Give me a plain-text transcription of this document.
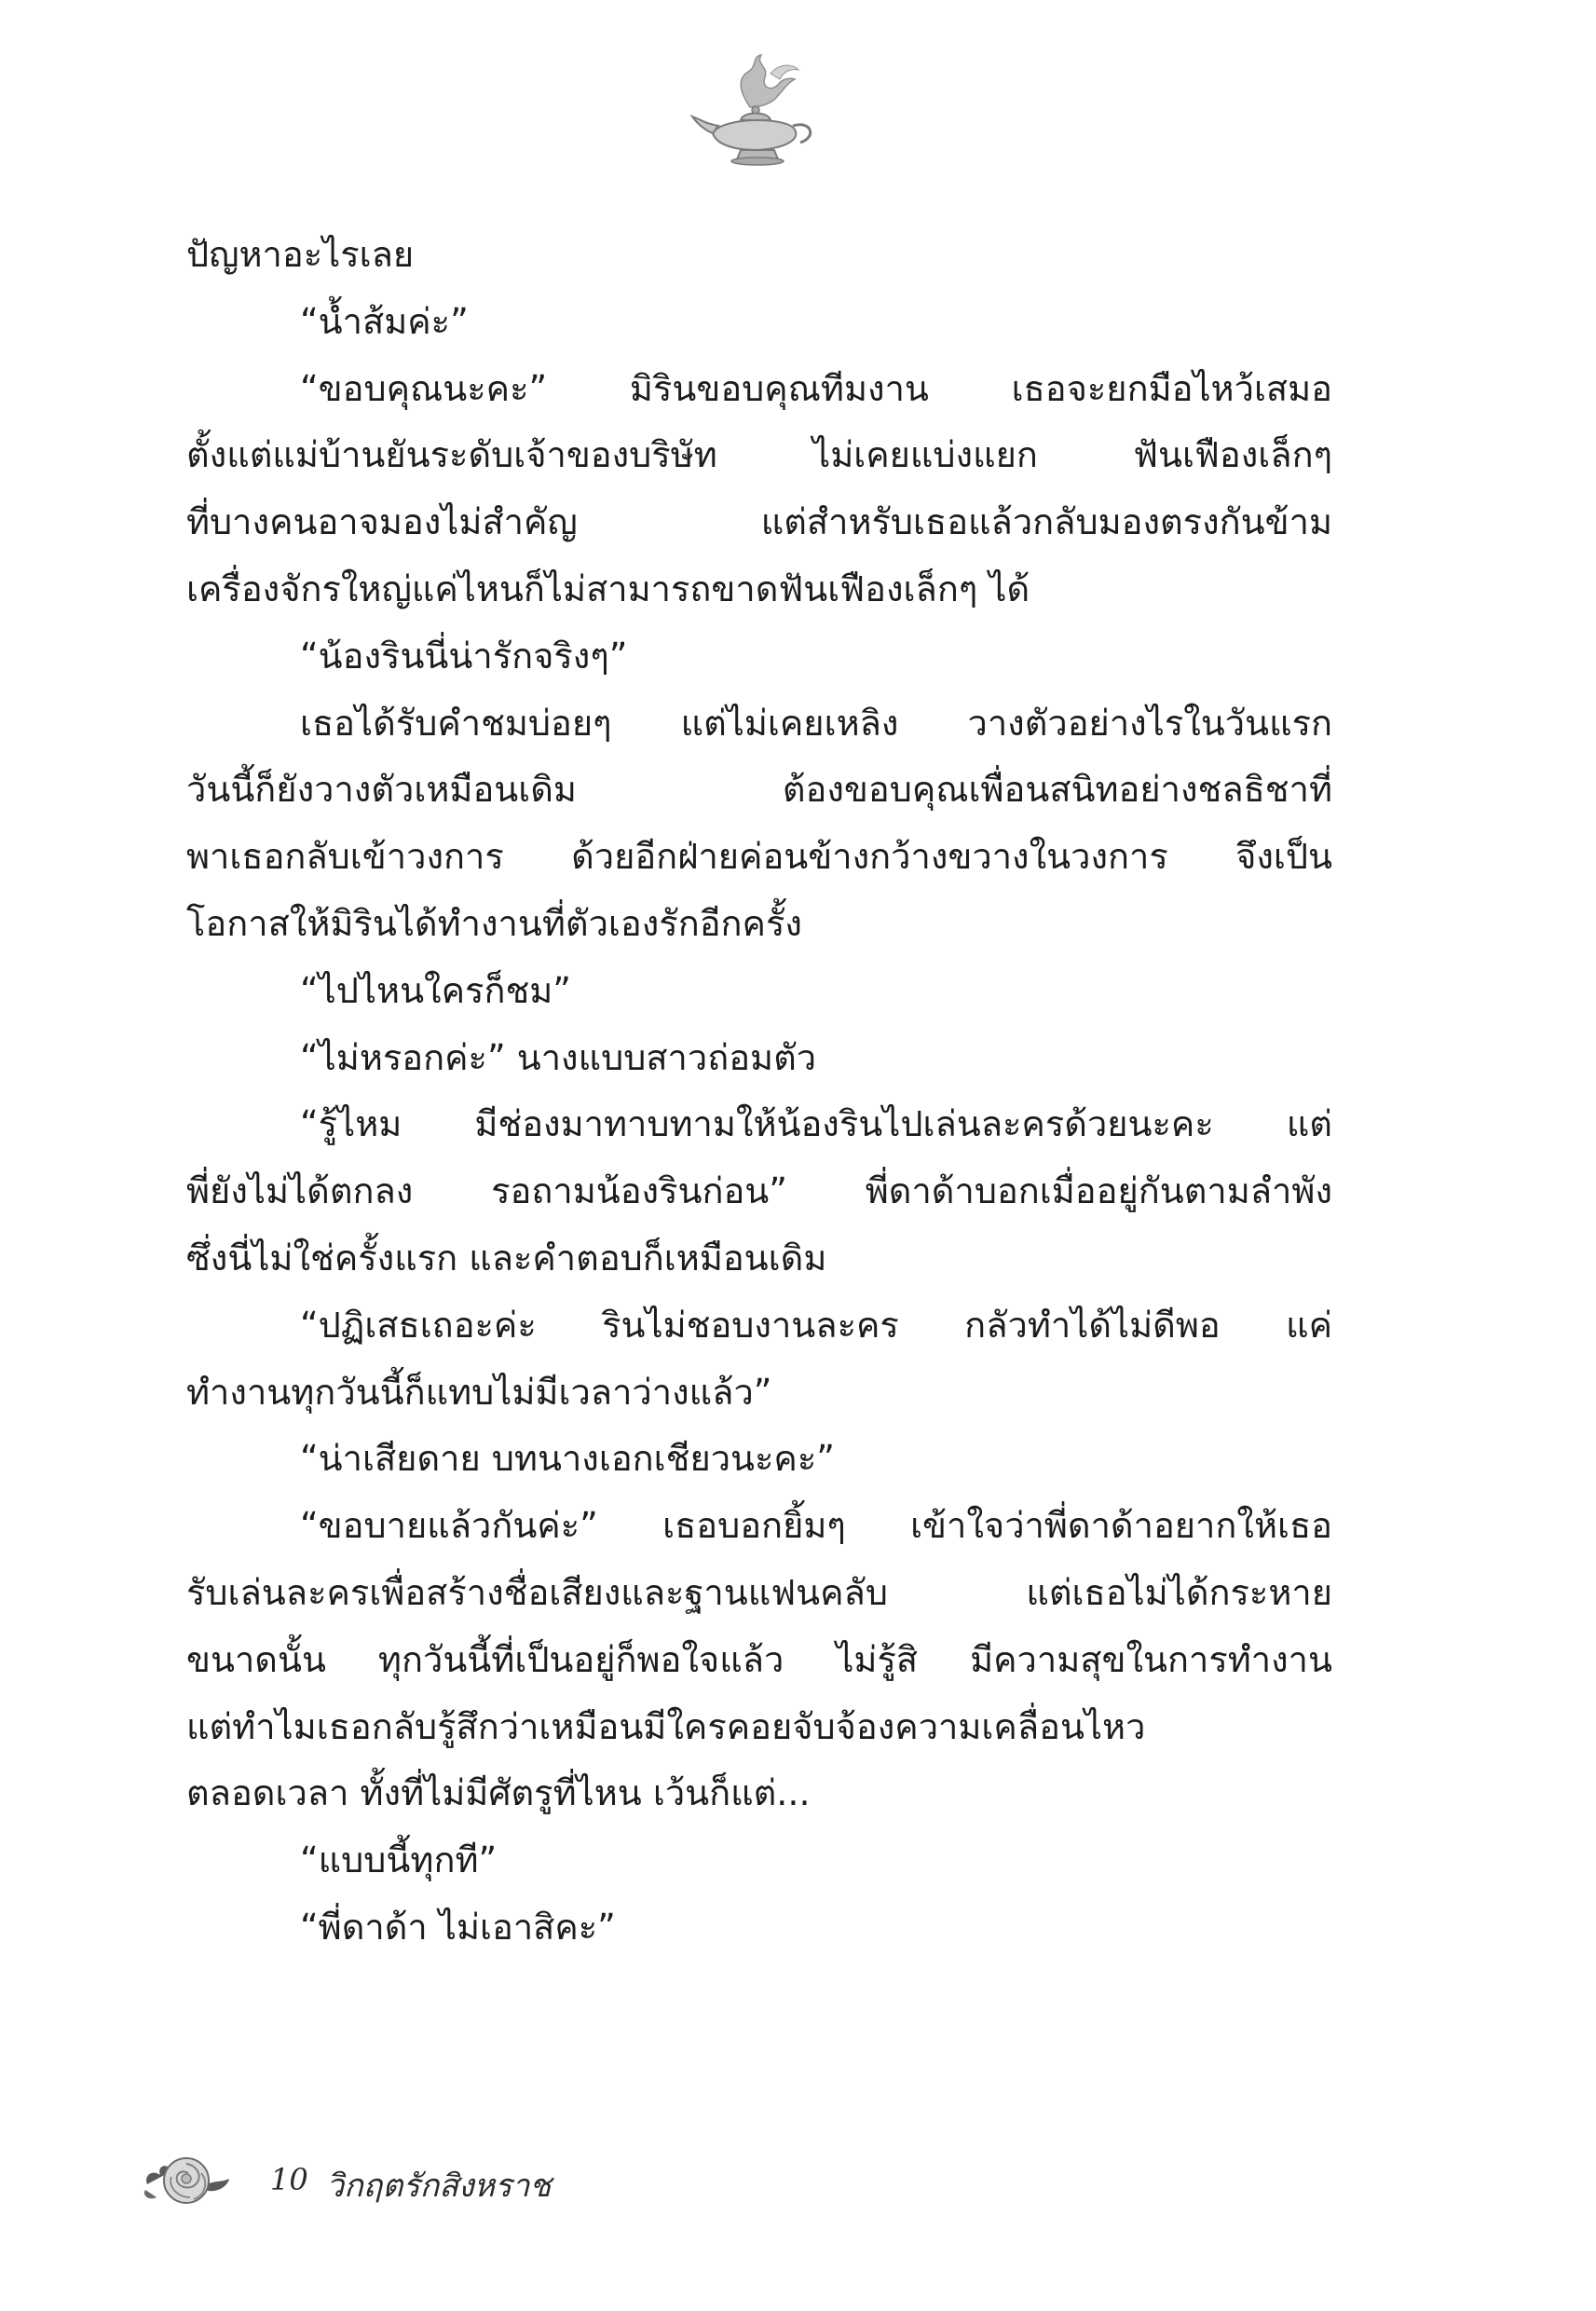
ปัญหาอะไรเลย

“น้ำส้มค่ะ”

“ขอบคุณนะคะ” มิรินขอบคุณทีมงาน เธอจะยกมือไหว้เสมอ

ตั้งแต่แม่บ้านยันระดับเจ้าของบริษัท ไม่เคยแบ่งแยก ฟันเฟืองเล็กๆ

ที่บางคนอาจมองไม่สำคัญ แต่สำหรับเธอแล้วกลับมองตรงกันข้าม

เครื่องจักรใหญ่แค่ไหนก็ไม่สามารถขาดฟันเฟืองเล็กๆ ได้

“น้องรินนี่น่ารักจริงๆ”

เธอได้รับคำชมบ่อยๆ แต่ไม่เคยเหลิง วางตัวอย่างไรในวันแรก

วันนี้ก็ยังวางตัวเหมือนเดิม ต้องขอบคุณเพื่อนสนิทอย่างชลธิชาที่

พาเธอกลับเข้าวงการ ด้วยอีกฝ่ายค่อนข้างกว้างขวางในวงการ จึงเป็น

โอกาสให้มิรินได้ทำงานที่ตัวเองรักอีกครั้ง

“ไปไหนใครก็ชม”

“ไม่หรอกค่ะ” นางแบบสาวถ่อมตัว

“รู้ไหม มีช่องมาทาบทามให้น้องรินไปเล่นละครด้วยนะคะ แต่

พี่ยังไม่ได้ตกลง รอถามน้องรินก่อน” พี่ดาด้าบอกเมื่ออยู่กันตามลำพัง

ซึ่งนี่ไม่ใช่ครั้งแรก และคำตอบก็เหมือนเดิม

“ปฏิเสธเถอะค่ะ รินไม่ชอบงานละคร กลัวทำได้ไม่ดีพอ แค่

ทำงานทุกวันนี้ก็แทบไม่มีเวลาว่างแล้ว”

“น่าเสียดาย บทนางเอกเชียวนะคะ”

“ขอบายแล้วกันค่ะ” เธอบอกยิ้มๆ เข้าใจว่าพี่ดาด้าอยากให้เธอ

รับเล่นละครเพื่อสร้างชื่อเสียงและฐานแฟนคลับ แต่เธอไม่ได้กระหาย

ขนาดนั้น ทุกวันนี้ที่เป็นอยู่ก็พอใจแล้ว ไม่รู้สิ มีความสุขในการทำงาน

แต่ทำไมเธอกลับรู้สึกว่าเหมือนมีใครคอยจับจ้องความเคลื่อนไหว

ตลอดเวลา ทั้งที่ไม่มีศัตรูที่ไหน เว้นก็แต่...

“แบบนี้ทุกที”

“พี่ดาด้า ไม่เอาสิคะ”

10 วิกฤตรักสิงหราช
